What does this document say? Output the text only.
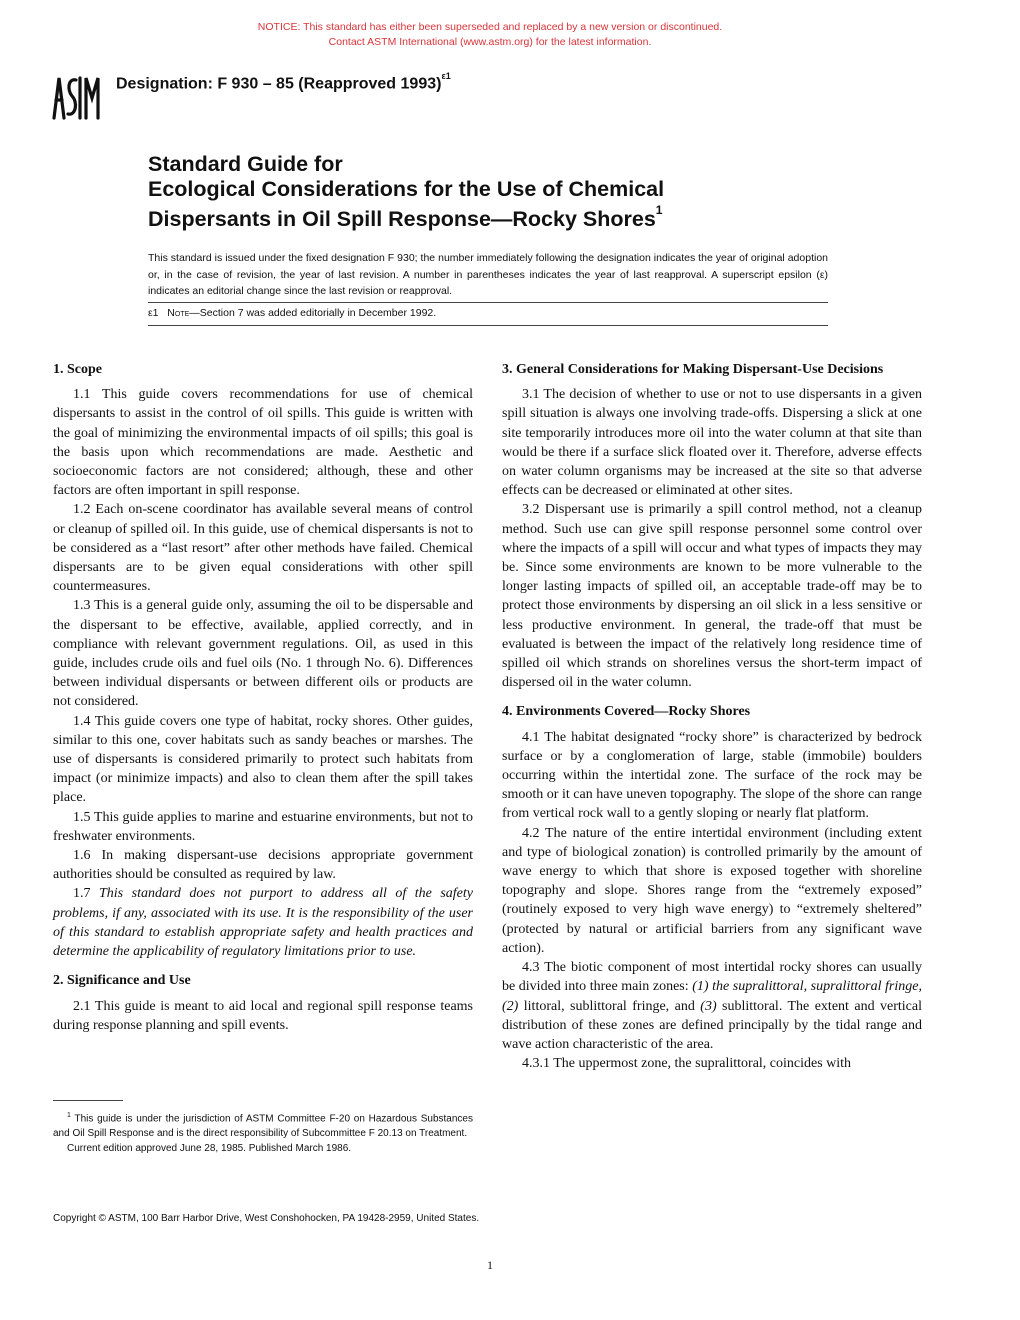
NOTICE: This standard has either been superseded and replaced by a new version or discontinued.
Contact ASTM International (www.astm.org) for the latest information.
Designation: F 930 – 85 (Reapproved 1993)$^{\varepsilon 1}$
Standard Guide for
Ecological Considerations for the Use of Chemical
Dispersants in Oil Spill Response—Rocky Shores$^1$
This standard is issued under the fixed designation F 930; the number immediately following the designation indicates the year of original adoption or, in the case of revision, the year of last revision. A number in parentheses indicates the year of last reapproval. A superscript epsilon (ε) indicates an editorial change since the last revision or reapproval.
ε1 Note—Section 7 was added editorially in December 1992.
1. Scope

1.1 This guide covers recommendations for use of chemical dispersants to assist in the control of oil spills. This guide is written with the goal of minimizing the environmental impacts of oil spills; this goal is the basis upon which recommendations are made. Aesthetic and socioeconomic factors are not considered; although, these and other factors are often important in spill response.

1.2 Each on-scene coordinator has available several means of control or cleanup of spilled oil. In this guide, use of chemical dispersants is not to be considered as a “last resort” after other methods have failed. Chemical dispersants are to be given equal considerations with other spill countermeasures.

1.3 This is a general guide only, assuming the oil to be dispersable and the dispersant to be effective, available, applied correctly, and in compliance with relevant government regulations. Oil, as used in this guide, includes crude oils and fuel oils (No. 1 through No. 6). Differences between individual dispersants or between different oils or products are not considered.

1.4 This guide covers one type of habitat, rocky shores. Other guides, similar to this one, cover habitats such as sandy beaches or marshes. The use of dispersants is considered primarily to protect such habitats from impact (or minimize impacts) and also to clean them after the spill takes place.

1.5 This guide applies to marine and estuarine environments, but not to freshwater environments.

1.6 In making dispersant-use decisions appropriate government authorities should be consulted as required by law.

1.7 This standard does not purport to address all of the safety problems, if any, associated with its use. It is the responsibility of the user of this standard to establish appropriate safety and health practices and determine the applicability of regulatory limitations prior to use.

2. Significance and Use

2.1 This guide is meant to aid local and regional spill response teams during response planning and spill events.

3. General Considerations for Making Dispersant-Use Decisions

3.1 The decision of whether to use or not to use dispersants in a given spill situation is always one involving trade-offs. Dispersing a slick at one site temporarily introduces more oil into the water column at that site than would be there if a surface slick floated over it. Therefore, adverse effects on water column organisms may be increased at the site so that adverse effects can be decreased or eliminated at other sites.

3.2 Dispersant use is primarily a spill control method, not a cleanup method. Such use can give spill response personnel some control over where the impacts of a spill will occur and what types of impacts they may be. Since some environments are known to be more vulnerable to the longer lasting impacts of spilled oil, an acceptable trade-off may be to protect those environments by dispersing an oil slick in a less sensitive or less productive environment. In general, the trade-off that must be evaluated is between the impact of the relatively long residence time of spilled oil which strands on shorelines versus the short-term impact of dispersed oil in the water column.

4. Environments Covered—Rocky Shores

4.1 The habitat designated “rocky shore” is characterized by bedrock surface or by a conglomeration of large, stable (immobile) boulders occurring within the intertidal zone. The surface of the rock may be smooth or it can have uneven topography. The slope of the shore can range from vertical rock wall to a gently sloping or nearly flat platform.

4.2 The nature of the entire intertidal environment (including extent and type of biological zonation) is controlled primarily by the amount of wave energy to which that shore is exposed together with shoreline topography and slope. Shores range from the “extremely exposed” (routinely exposed to very high wave energy) to “extremely sheltered” (protected by natural or artificial barriers from any significant wave action).

4.3 The biotic component of most intertidal rocky shores can usually be divided into three main zones: (1) the supralittoral, supralittoral fringe, (2) littoral, sublittoral fringe, and (3) sublittoral. The extent and vertical distribution of these zones are defined principally by the tidal range and wave action characteristic of the area.

4.3.1 The uppermost zone, the supralittoral, coincides with

$^1$ This guide is under the jurisdiction of ASTM Committee F-20 on Hazardous Substances and Oil Spill Response and is the direct responsibility of Subcommittee F 20.13 on Treatment.

Current edition approved June 28, 1985. Published March 1986.

Copyright © ASTM, 100 Barr Harbor Drive, West Conshohocken, PA 19428-2959, United States.
1
